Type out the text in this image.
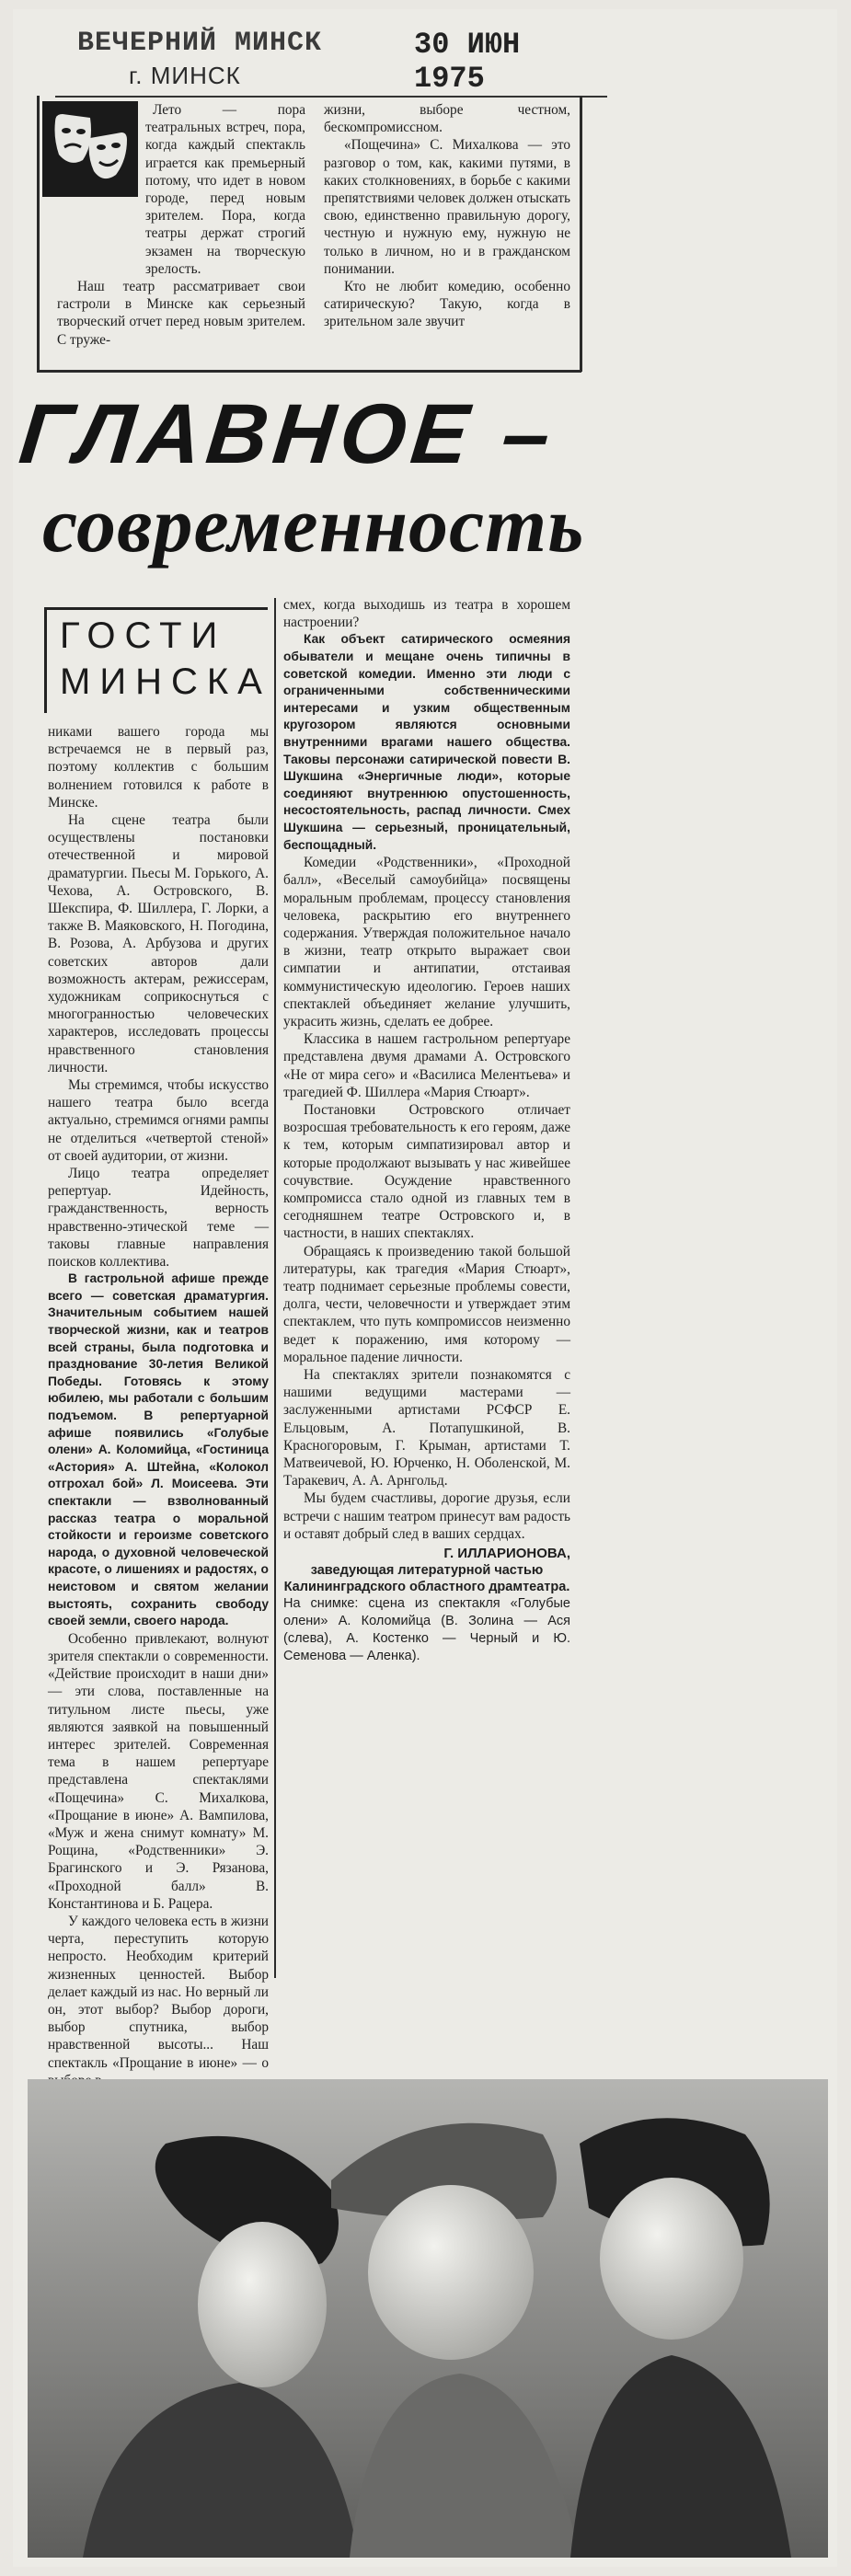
ВЕЧЕРНИЙ МИНСК
г. МИНСК
30 ИЮН 1975

Лето — пора театральных встреч, пора, когда каждый спектакль играется как премьерный потому, что идет в новом городе, перед новым зрителем. Пора, когда театры держат строгий экзамен на творческую зрелость.

Наш театр рассматривает свои гастроли в Минске как серьезный творческий отчет перед новым зрителем. С труже-

жизни, выборе честном, бескомпромиссном.

«Пощечина» С. Михалкова — это разговор о том, как, какими путями, в каких столкновениях, в борьбе с какими препятствиями человек должен отыскать свою, единственно правильную дорогу, честную и нужную ему, нужную не только в личном, но и в гражданском понимании.

Кто не любит комедию, особенно сатирическую? Такую, когда в зрительном зале звучит

ГЛАВНОЕ –
современность
ГОСТИ
МИНСКА

никами вашего города мы встречаемся не в первый раз, поэтому коллектив с большим волнением готовился к работе в Минске.

На сцене театра были осуществлены постановки отечественной и мировой драматургии. Пьесы М. Горького, А. Чехова, А. Островского, В. Шекспира, Ф. Шиллера, Г. Лорки, а также В. Маяковского, Н. Погодина, В. Розова, А. Арбузова и других советских авторов дали возможность актерам, режиссерам, художникам соприкоснуться с многогранностью человеческих характеров, исследовать процессы нравственного становления личности.

Мы стремимся, чтобы искусство нашего театра было всегда актуально, стремимся огнями рампы не отделиться «четвертой стеной» от своей аудитории, от жизни.

Лицо театра определяет репертуар. Идейность, гражданственность, верность нравственно-этической теме — таковы главные направления поисков коллектива.

В гастрольной афише прежде всего — советская драматургия. Значительным событием нашей творческой жизни, как и театров всей страны, была подготовка и празднование 30-летия Великой Победы. Готовясь к этому юбилею, мы работали с большим подъемом. В репертуарной афише появились «Голубые олени» А. Коломийца, «Гостиница «Астория» А. Штейна, «Колокол отгрохал бой» Л. Моисеева. Эти спектакли — взволнованный рассказ театра о моральной стойкости и героизме советского народа, о духовной человеческой красоте, о лишениях и радостях, о неистовом и святом желании выстоять, сохранить свободу своей земли, своего народа.

Особенно привлекают, волнуют зрителя спектакли о современности. «Действие происходит в наши дни» — эти слова, поставленные на титульном листе пьесы, уже являются заявкой на повышенный интерес зрителей. Современная тема в нашем репертуаре представлена спектаклями «Пощечина» С. Михалкова, «Прощание в июне» А. Вампилова, «Муж и жена снимут комнату» М. Рощина, «Родственники» Э. Брагинского и Э. Рязанова, «Проходной балл» В. Константинова и Б. Рацера.

У каждого человека есть в жизни черта, переступить которую непросто. Необходим критерий жизненных ценностей. Выбор делает каждый из нас. Но верный ли он, этот выбор? Выбор дороги, выбор спутника, выбор нравственной высоты... Наш спектакль «Прощание в июне» — о

смех, когда выходишь из театра в хорошем настроении?

Как объект сатирического осмеяния обыватели и мещане очень типичны в советской комедии. Именно эти люди с ограниченными собственническими интересами и узким общественным кругозором являются основными внутренними врагами нашего общества. Таковы персонажи сатирической повести В. Шукшина «Энергичные люди», которые соединяют внутреннюю опустошенность, несостоятельность, распад личности. Смех Шукшина — серьезный, проницательный, беспощадный.

Комедии «Родственники», «Проходной балл», «Веселый самоубийца» посвящены моральным проблемам, процессу становления человека, раскрытию его внутреннего содержания. Утверждая положительное начало в жизни, театр открыто выражает свои симпатии и антипатии, отстаивая коммунистическую идеологию. Героев наших спектаклей объединяет желание улучшить, украсить жизнь, сделать ее добрее.

Классика в нашем гастрольном репертуаре представлена двумя драмами А. Островского «Не от мира сего» и «Василиса Мелентьева» и трагедией Ф. Шиллера «Мария Стюарт».

Постановки Островского отличает возросшая требовательность к его героям, даже к тем, которым симпатизировал автор и которые продолжают вызывать у нас живейшее сочувствие. Осуждение нравственного компромисса стало одной из главных тем в сегодняшнем театре Островского и, в частности, в наших спектаклях.

Обращаясь к произведению такой большой литературы, как трагедия «Мария Стюарт», театр поднимает серьезные проблемы совести, долга, чести, человечности и утверждает этим спектаклем, что путь компромиссов неизменно ведет к поражению, имя которому — моральное падение личности.

На спектаклях зрители познакомятся с нашими ведущими мастерами — заслуженными артистами РСФСР Е. Ельцовым, А. Потапушкиной, В. Красногоровым, Г. Крыман, артистами Т. Матвеичевой, Ю. Юрченко, Н. Оболенской, М. Таракевич, А. А. Арнгольд.

Мы будем счастливы, дорогие друзья, если встречи с нашим театром принесут вам радость и оставят добрый след в ваших сердцах.

Г. ИЛЛАРИОНОВА,

заведующая литературной частью Калининградского областного драмтеатра.

На снимке: сцена из спектакля «Голубые олени» А. Коломийца (В. Золина — Ася (слева), А. Костенко — Черный и Ю. Семенова — Аленка).
